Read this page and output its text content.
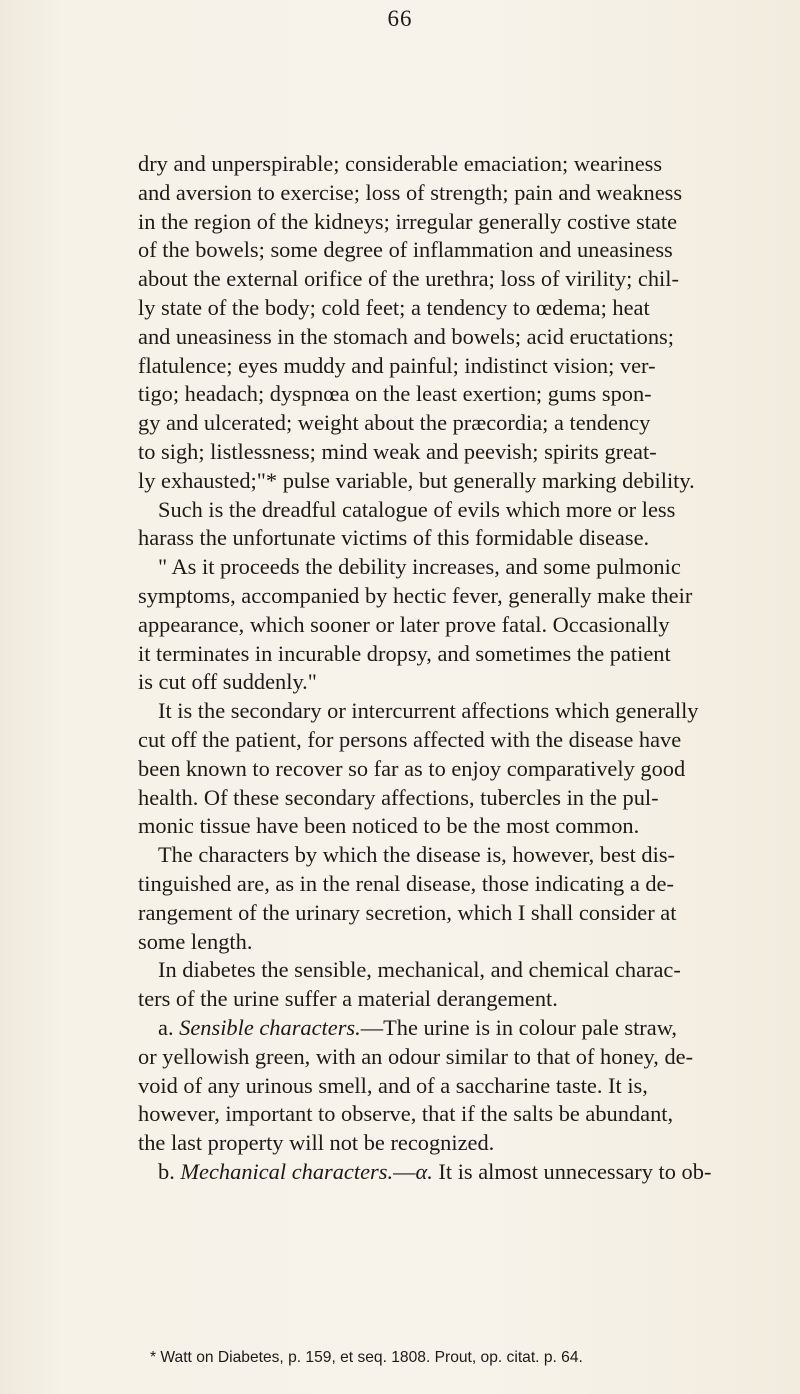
66
dry and unperspirable; considerable emaciation; weariness
and aversion to exercise; loss of strength; pain and weakness
in the region of the kidneys; irregular generally costive state
of the bowels; some degree of inflammation and uneasiness
about the external orifice of the urethra; loss of virility; chil-
ly state of the body; cold feet; a tendency to œdema; heat
and uneasiness in the stomach and bowels; acid eructations;
flatulence; eyes muddy and painful; indistinct vision; ver-
tigo; headach; dyspnœa on the least exertion; gums spon-
gy and ulcerated; weight about the præcordia; a tendency
to sigh; listlessness; mind weak and peevish; spirits great-
ly exhausted;"* pulse variable, but generally marking debility.
Such is the dreadful catalogue of evils which more or less
harass the unfortunate victims of this formidable disease.
" As it proceeds the debility increases, and some pulmonic
symptoms, accompanied by hectic fever, generally make their
appearance, which sooner or later prove fatal. Occasionally
it terminates in incurable dropsy, and sometimes the patient
is cut off suddenly."
It is the secondary or intercurrent affections which generally
cut off the patient, for persons affected with the disease have
been known to recover so far as to enjoy comparatively good
health. Of these secondary affections, tubercles in the pul-
monic tissue have been noticed to be the most common.
The characters by which the disease is, however, best dis-
tinguished are, as in the renal disease, those indicating a de-
rangement of the urinary secretion, which I shall consider at
some length.
In diabetes the sensible, mechanical, and chemical charac-
ters of the urine suffer a material derangement.
a. Sensible characters.—The urine is in colour pale straw,
or yellowish green, with an odour similar to that of honey, de-
void of any urinous smell, and of a saccharine taste. It is,
however, important to observe, that if the salts be abundant,
the last property will not be recognized.
b. Mechanical characters.—α. It is almost unnecessary to ob-
* Watt on Diabetes, p. 159, et seq. 1808. Prout, op. citat. p. 64.
